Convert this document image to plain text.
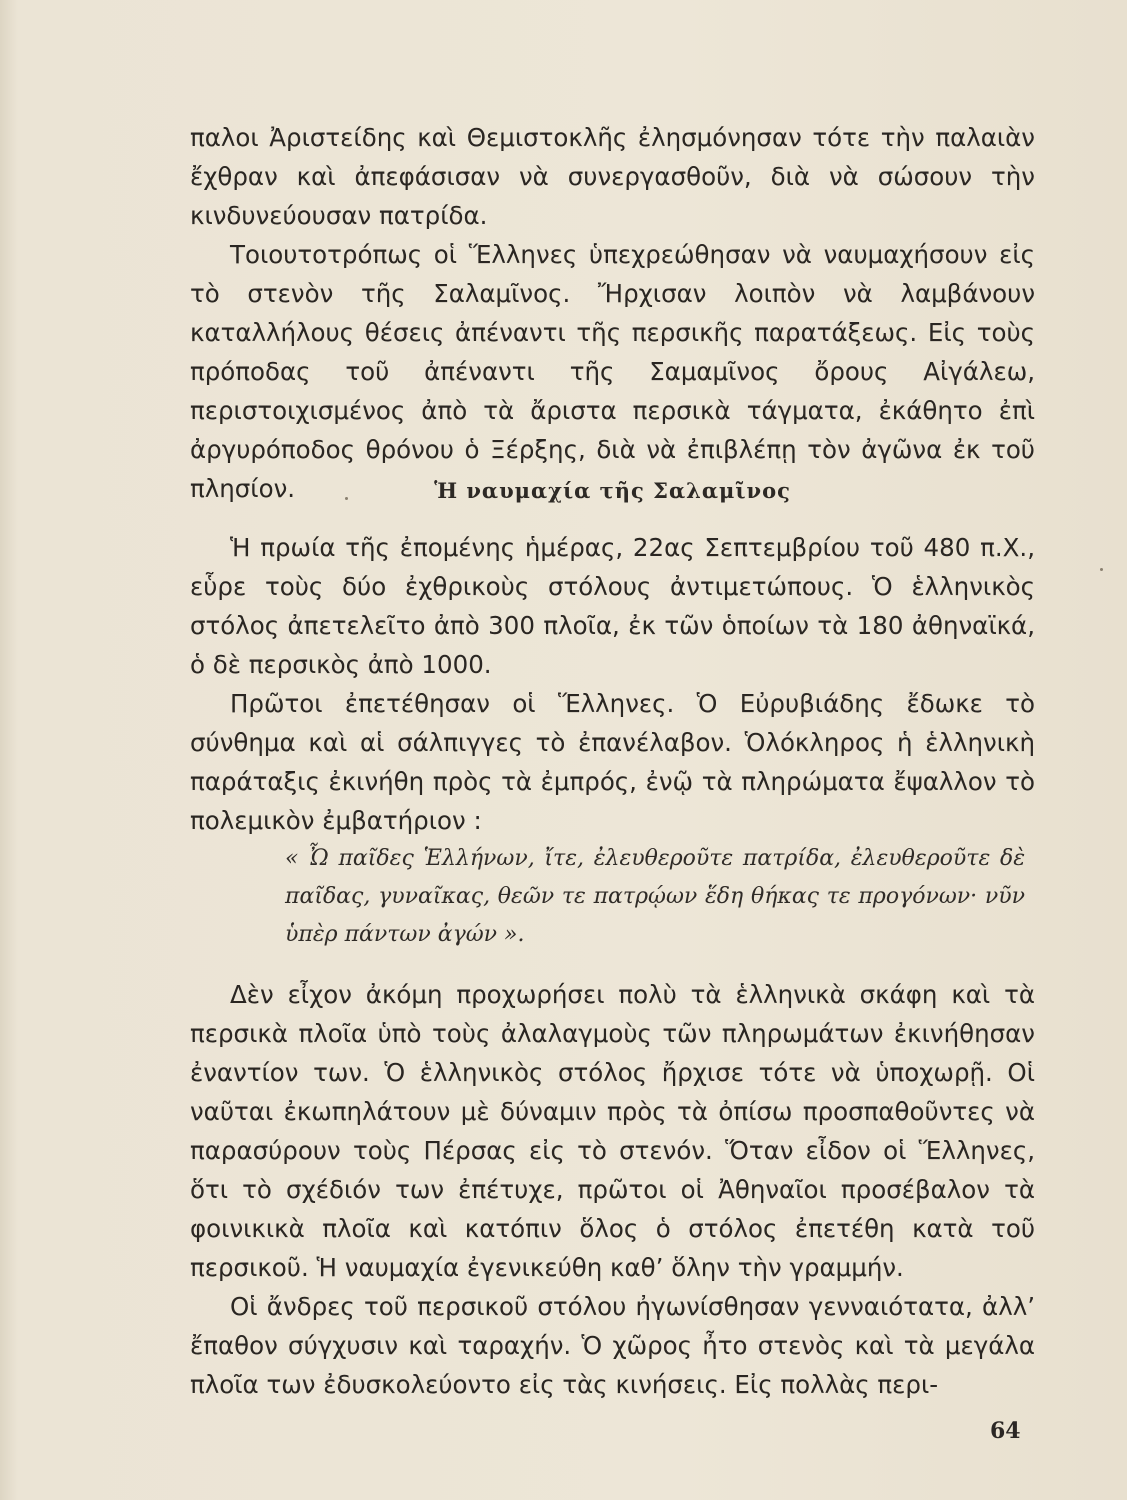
παλοι Ἀριστείδης καὶ Θεμιστοκλῆς ἐλησμόνησαν τότε τὴν παλαιὰν ἔχθραν καὶ ἀπεφάσισαν νὰ συνεργασθοῦν, διὰ νὰ σώσουν τὴν κινδυνεύουσαν πατρίδα.

Τοιουτοτρόπως οἱ Ἕλληνες ὑπεχρεώθησαν νὰ ναυμαχήσουν εἰς τὸ στενὸν τῆς Σαλαμῖνος. Ἤρχισαν λοιπὸν νὰ λαμβάνουν καταλλήλους θέσεις ἀπέναντι τῆς περσικῆς παρατάξεως. Εἰς τοὺς πρόποδας τοῦ ἀπέναντι τῆς Σαμαμῖνος ὄρους Αἰγάλεω, περιστοιχισμένος ἀπὸ τὰ ἄριστα περσικὰ τάγματα, ἐκάθητο ἐπὶ ἀργυρόποδος θρόνου ὁ Ξέρξης, διὰ νὰ ἐπιβλέπῃ τὸν ἀγῶνα ἐκ τοῦ πλησίον.	Ἡ ναυμαχία τῆς Σαλαμῖνος

Ἡ πρωία τῆς ἐπομένης ἡμέρας, 22ας Σεπτεμβρίου τοῦ 480 π.Χ., εὗρε τοὺς δύο ἐχθρικοὺς στόλους ἀντιμετώπους. Ὁ ἑλληνικὸς στόλος ἀπετελεῖτο ἀπὸ 300 πλοῖα, ἐκ τῶν ὁποίων τὰ 180 ἀθηναϊκά, ὁ δὲ περσικὸς ἀπὸ 1000.

Πρῶτοι ἐπετέθησαν οἱ Ἕλληνες. Ὁ Εὐρυβιάδης ἔδωκε τὸ σύνθημα καὶ αἱ σάλπιγγες τὸ ἐπανέλαβον. Ὁλόκληρος ἡ ἑλληνικὴ παράταξις ἐκινήθη πρὸς τὰ ἐμπρός, ἐνῷ τὰ πληρώματα ἔψαλλον τὸ πολεμικὸν ἐμβατήριον :

« Ὦ παῖδες Ἑλλήνων, ἴτε, ἐλευθεροῦτε πατρίδα, ἐλευθεροῦτε δὲ παῖδας, γυναῖκας, θεῶν τε πατρῴων ἕδη θήκας τε προγόνων· νῦν ὑπὲρ πάντων ἀγών ».

Δὲν εἶχον ἀκόμη προχωρήσει πολὺ τὰ ἑλληνικὰ σκάφη καὶ τὰ περσικὰ πλοῖα ὑπὸ τοὺς ἀλαλαγμοὺς τῶν πληρωμάτων ἐκινήθησαν ἐναντίον των. Ὁ ἑλληνικὸς στόλος ἤρχισε τότε νὰ ὑποχωρῇ. Οἱ ναῦται ἐκωπηλάτουν μὲ δύναμιν πρὸς τὰ ὀπίσω προσπαθοῦντες νὰ παρασύρουν τοὺς Πέρσας εἰς τὸ στενόν. Ὅταν εἶδον οἱ Ἕλληνες, ὅτι τὸ σχέδιόν των ἐπέτυχε, πρῶτοι οἱ Ἀθηναῖοι προσέβαλον τὰ φοινικικὰ πλοῖα καὶ κατόπιν ὅλος ὁ στόλος ἐπετέθη κατὰ τοῦ περσικοῦ. Ἡ ναυμαχία ἐγενικεύθη καθ’ ὅλην τὴν γραμμήν.

Οἱ ἄνδρες τοῦ περσικοῦ στόλου ἠγωνίσθησαν γενναιότατα, ἀλλ’ ἔπαθον σύγχυσιν καὶ ταραχήν. Ὁ χῶρος ἦτο στενὸς καὶ τὰ μεγάλα πλοῖα των ἐδυσκολεύοντο εἰς τὰς κινήσεις. Εἰς πολλὰς περι-

64
